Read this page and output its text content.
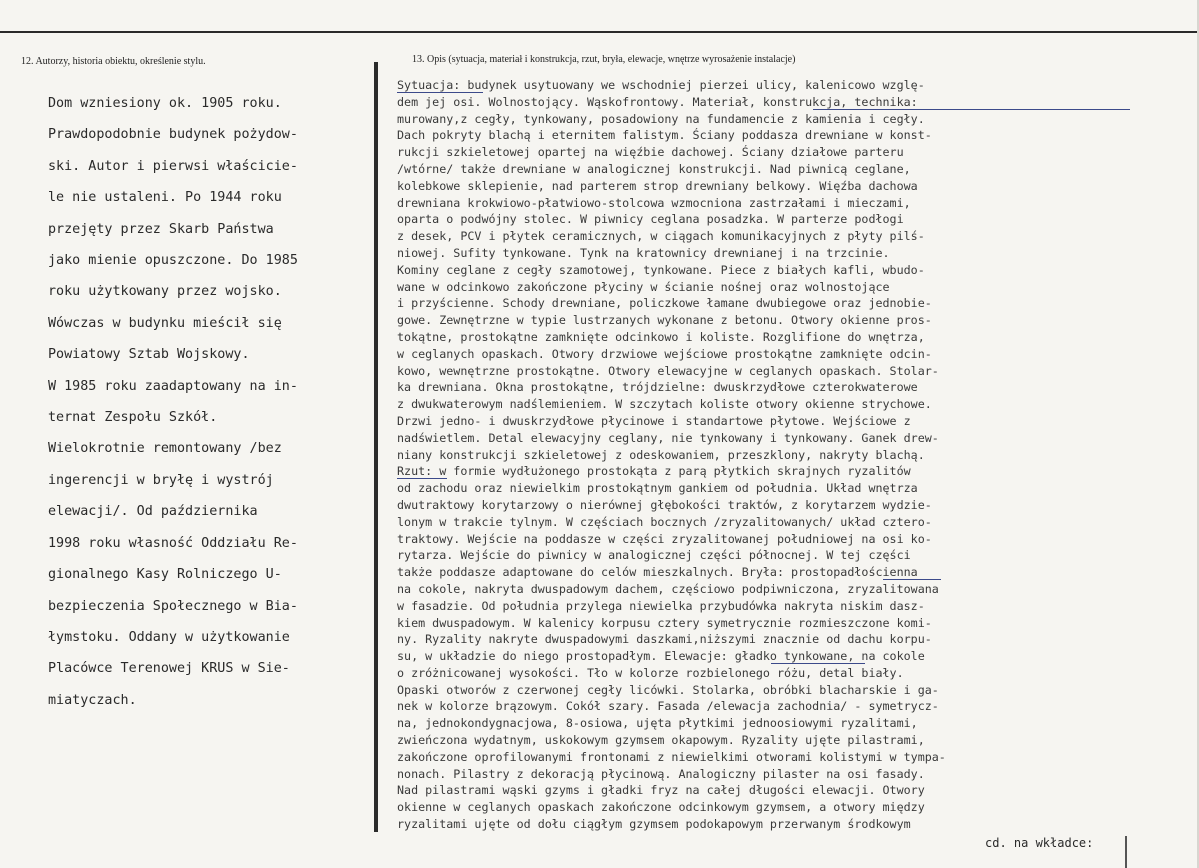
12. Autorzy, historia obiektu, określenie stylu.	13. Opis (sytuacja, materiał i konstrukcja, rzut, bryła, elewacje, wnętrze wyrosażenie instalacje)
Dom wzniesiony ok. 1905 roku.
Prawdopodobnie budynek pożydow-
ski. Autor i pierwsi właścicie-
le nie ustaleni. Po 1944 roku
przejęty przez Skarb Państwa
jako mienie opuszczone. Do 1985
roku użytkowany przez wojsko.
Wówczas w budynku mieścił się
Powiatowy Sztab Wojskowy.
W 1985 roku zaadaptowany na in-
ternat Zespołu Szkół.
Wielokrotnie remontowany /bez
ingerencji w bryłę i wystrój
elewacji/. Od października
1998 roku własność Oddziału Re-
gionalnego Kasy Rolniczego U-
bezpieczenia Społecznego w Bia-
łymstoku. Oddany w użytkowanie
Placówce Terenowej KRUS w Sie-
miatyczach.
Sytuacja: budynek usytuowany we wschodniej pierzei ulicy, kalenicowo wzglę-
dem jej osi. Wolnostojący. Wąskofrontowy. Materiał, konstrukcja, technika:
murowany,z cegły, tynkowany, posadowiony na fundamencie z kamienia i cegły.
Dach pokryty blachą i eternitem falistym. Ściany poddasza drewniane w konst-
rukcji szkieletowej opartej na więźbie dachowej. Ściany działowe parteru
/wtórne/ także drewniane w analogicznej konstrukcji. Nad piwnicą ceglane,
kolebkowe sklepienie, nad parterem strop drewniany belkowy. Więźba dachowa
drewniana krokwiowo-płatwiowo-stolcowa wzmocniona zastrzałami i mieczami,
oparta o podwójny stolec. W piwnicy ceglana posadzka. W parterze podłogi
z desek, PCV i płytek ceramicznych, w ciągach komunikacyjnych z płyty pilś-
niowej. Sufity tynkowane. Tynk na kratownicy drewnianej i na trzcinie.
Kominy ceglane z cegły szamotowej, tynkowane. Piece z białych kafli, wbudo-
wane w odcinkowo zakończone płyciny w ścianie nośnej oraz wolnostojące
i przyścienne. Schody drewniane, policzkowe łamane dwubiegowe oraz jednobie-
gowe. Zewnętrzne w typie lustrzanych wykonane z betonu. Otwory okienne pros-
tokątne, prostokątne zamknięte odcinkowo i koliste. Rozglifione do wnętrza,
w ceglanych opaskach. Otwory drzwiowe wejściowe prostokątne zamknięte odcin-
kowo, wewnętrzne prostokątne. Otwory elewacyjne w ceglanych opaskach. Stolar-
ka drewniana. Okna prostokątne, trójdzielne: dwuskrzydłowe czterokwaterowe
z dwukwaterowym nadślemieniem. W szczytach koliste otwory okienne strychowe.
Drzwi jedno- i dwuskrzydłowe płycinowe i standartowe płytowe. Wejściowe z
nadświetlem. Detal elewacyjny ceglany, nie tynkowany i tynkowany. Ganek drew-
niany konstrukcji szkieletowej z odeskowaniem, przeszklony, nakryty blachą.
Rzut: w formie wydłużonego prostokąta z parą płytkich skrajnych ryzalitów
od zachodu oraz niewielkim prostokątnym gankiem od południa. Układ wnętrza
dwutraktowy korytarzowy o nierównej głębokości traktów, z korytarzem wydzie-
lonym w trakcie tylnym. W częściach bocznych /zryzalitowanych/ układ cztero-
traktowy. Wejście na poddasze w części zryzalitowanej południowej na osi ko-
rytarza. Wejście do piwnicy w analogicznej części północnej. W tej części
także poddasze adaptowane do celów mieszkalnych. Bryła: prostopadłościenna
na cokole, nakryta dwuspadowym dachem, częściowo podpiwniczona, zryzalitowana
w fasadzie. Od południa przylega niewielka przybudówka nakryta niskim dasz-
kiem dwuspadowym. W kalenicy korpusu cztery symetrycznie rozmieszczone komi-
ny. Ryzality nakryte dwuspadowymi daszkami,niższymi znacznie od dachu korpu-
su, w układzie do niego prostopadłym. Elewacje: gładko tynkowane, na cokole
o zróżnicowanej wysokości. Tło w kolorze rozbielonego różu, detal biały.
Opaski otworów z czerwonej cegły licówki. Stolarka, obróbki blacharskie i ga-
nek w kolorze brązowym. Cokół szary. Fasada /elewacja zachodnia/ - symetrycz-
na, jednokondygnacjowa, 8-osiowa, ujęta płytkimi jednoosiowymi ryzalitami,
zwieńczona wydatnym, uskokowym gzymsem okapowym. Ryzality ujęte pilastrami,
zakończone oprofilowanymi frontonami z niewielkimi otworami kolistymi w tympa-
nonach. Pilastry z dekoracją płycinową. Analogiczny pilaster na osi fasady.
Nad pilastrami wąski gzyms i gładki fryz na całej długości elewacji. Otwory
okienne w ceglanych opaskach zakończone odcinkowym gzymsem, a otwory między
ryzalitami ujęte od dołu ciągłym gzymsem podokapowym przerwanym środkowym
cd. na wkładce:
